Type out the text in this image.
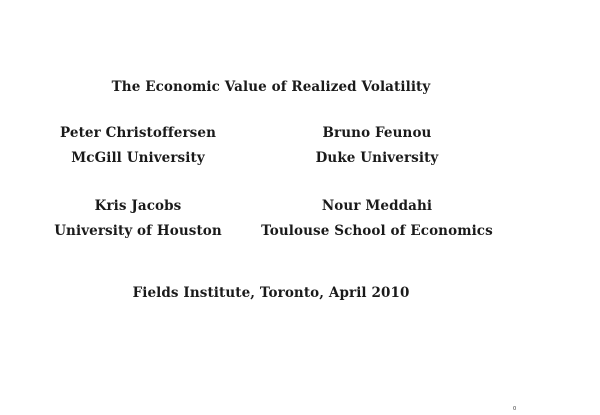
The Economic Value of Realized Volatility
Peter Christoffersen	Bruno Feunou
McGill University	Duke University
Kris Jacobs	Nour Meddahi
University of Houston	Toulouse School of Economics
Fields Institute, Toronto, April 2010
0
